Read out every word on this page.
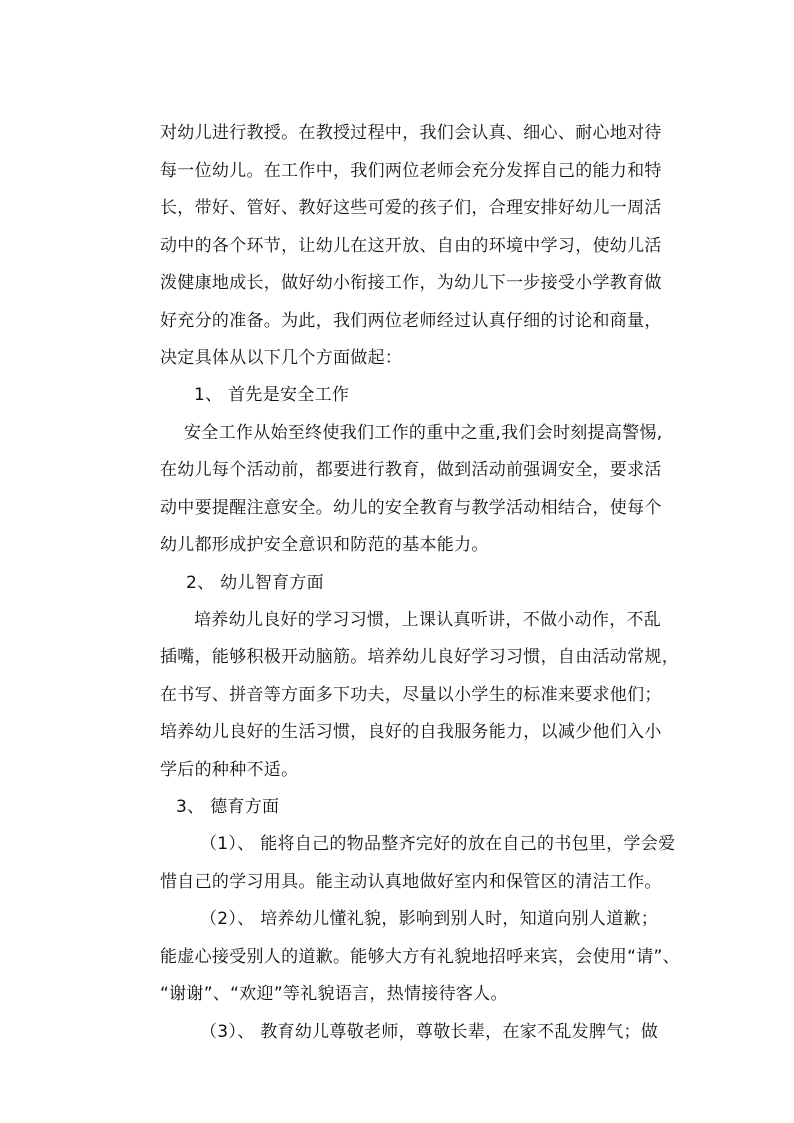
对幼儿进行教授。在教授过程中，我们会认真、细心、耐心地对待
每一位幼儿。在工作中，我们两位老师会充分发挥自己的能力和特
长，带好、管好、教好这些可爱的孩子们，合理安排好幼儿一周活
动中的各个环节，让幼儿在这开放、自由的环境中学习，使幼儿活
泼健康地成长，做好幼小衔接工作，为幼儿下一步接受小学教育做
好充分的准备。为此，我们两位老师经过认真仔细的讨论和商量，
决定具体从以下几个方面做起：
1、 首先是安全工作
安全工作从始至终使我们工作的重中之重,我们会时刻提高警惕,
在幼儿每个活动前，都要进行教育，做到活动前强调安全，要求活
动中要提醒注意安全。幼儿的安全教育与教学活动相结合，使每个
幼儿都形成护安全意识和防范的基本能力。
2、 幼儿智育方面
培养幼儿良好的学习习惯，上课认真听讲，不做小动作，不乱
插嘴，能够积极开动脑筋。培养幼儿良好学习习惯，自由活动常规，
在书写、拼音等方面多下功夫，尽量以小学生的标准来要求他们；
培养幼儿良好的生活习惯，良好的自我服务能力，以减少他们入小
学后的种种不适。
3、 德育方面
（1）、 能将自己的物品整齐完好的放在自己的书包里，学会爱
惜自己的学习用具。能主动认真地做好室内和保管区的清洁工作。
（2）、 培养幼儿懂礼貌，影响到别人时，知道向别人道歉；
能虚心接受别人的道歉。能够大方有礼貌地招呼来宾，会使用“请”、
“谢谢”、“欢迎”等礼貌语言，热情接待客人。
（3）、 教育幼儿尊敬老师，尊敬长辈，在家不乱发脾气；做
